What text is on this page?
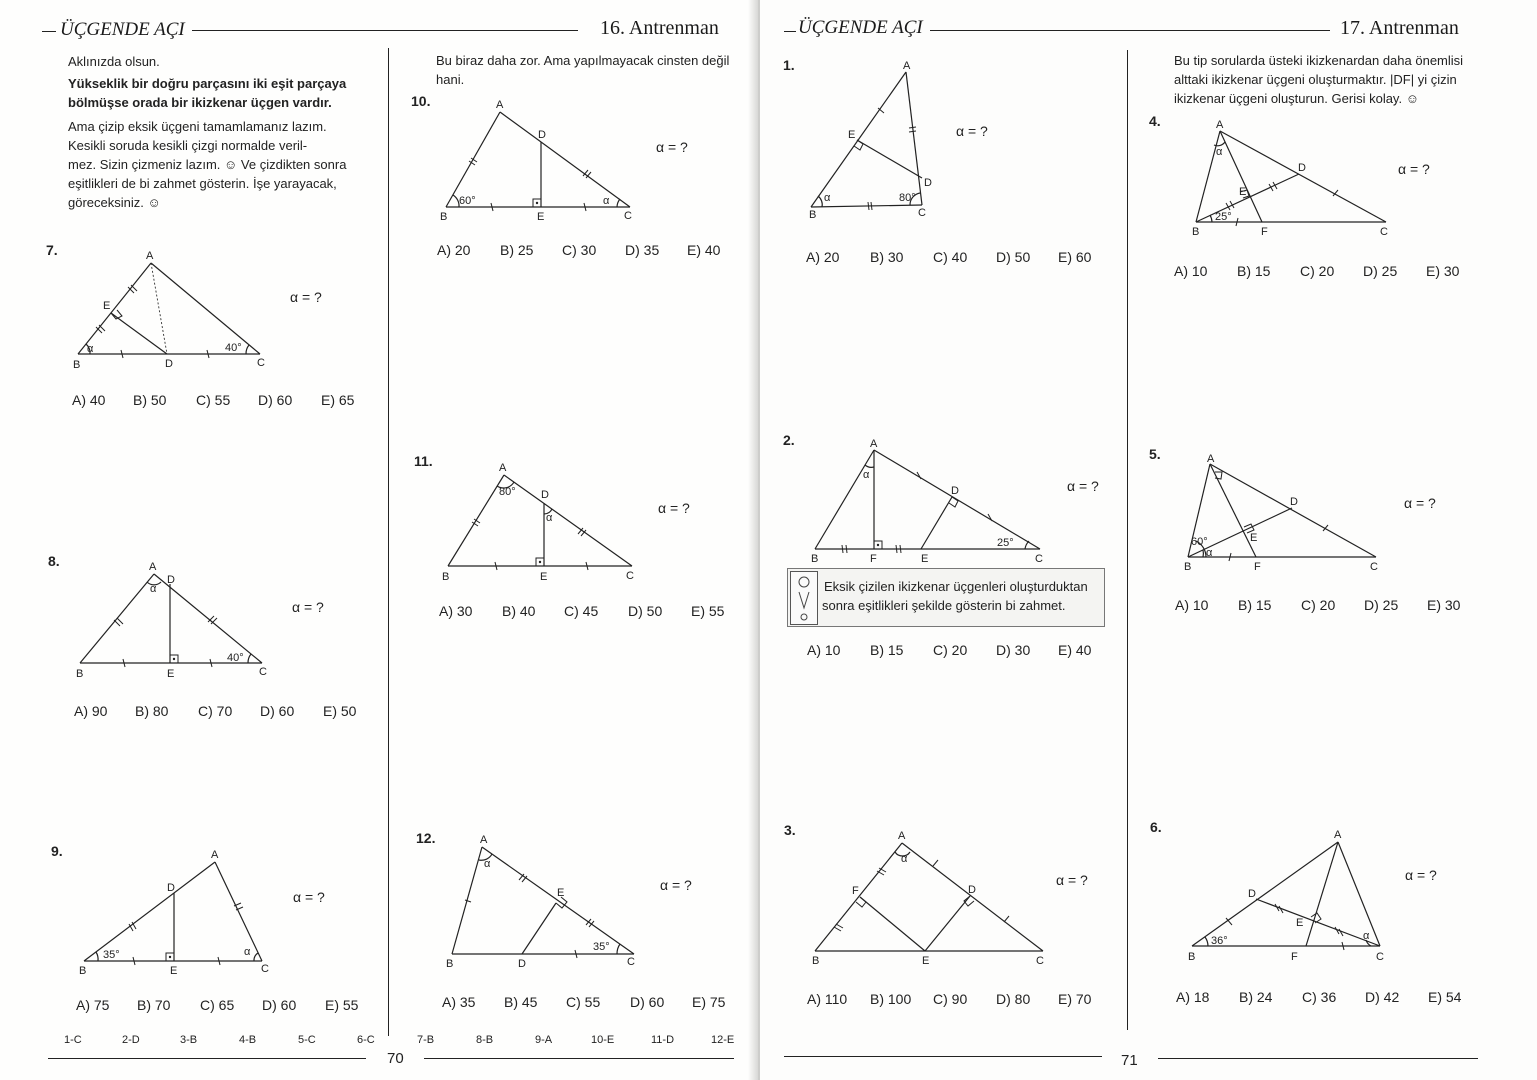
ÜÇGENDE AÇI	16. Antrenman
Aklınızda olsun.
Yükseklik bir doğru parçasını iki eşit parçaya
bölmüşse orada bir ikizkenar üçgen vardır.
Ama çizip eksik üçgeni tamamlamanız lazım.
Kesikli soruda kesikli çizgi normalde veril-
mez. Sizin çizmeniz lazım. ☺ Ve çizdikten sonra
eşitlikleri de bi zahmet gösterin. İşe yarayacak,
göreceksiniz. ☺
7.	A
B	C
D
E
α	40°
α = ?
A) 40	B) 50	C) 55	D) 60	E) 65
8.	A
B	C
D
E
α
40°
α = ?
A) 90	B) 80	C) 70	D) 60	E) 50
9.	A
B	C
D
E
α
35°
α = ?
A) 75	B) 70	C) 65	D) 60	E) 55
Bu biraz daha zor. Ama yapılmayacak cinsten değil
hani.
10.	A
B	C
D
E
α
60°
α = ?
A) 20	B) 25	C) 30	D) 35	E) 40
11.	A
B	C
D
E
α
80°
α = ?
A) 30	B) 40	C) 45	D) 50	E) 55
12.	A
B	C
D
E
α
35°
α = ?
A) 35	B) 45	C) 55	D) 60	E) 75
1-C	2-D	3-B	4-B	5-C	6-C	7-B	8-B	9-A	10-E	11-D	12-E
70
ÜÇGENDE AÇI	17. Antrenman
1.	A
B	C
D
E
α	80°
α = ?
A) 20	B) 30	C) 40	D) 50	E) 60
2.	A
B	C
D
E
F
α
25°
α = ?
Eksik çizilen ikizkenar üçgenleri oluşturduktan
sonra eşitlikleri şekilde gösterin bi zahmet.
A) 10	B) 15	C) 20	D) 30	E) 40
3.	A
B	C
D
E
F
α
α = ?
A) 110	B) 100	C) 90	D) 80	E) 70
Bu tip sorularda üsteki ikizkenardan daha önemlisi
alttaki ikizkenar üçgeni oluşturmaktır. |DF| yi çizin
ikizkenar üçgeni oluşturun. Gerisi kolay. ☺
4.	A
B	C
D
E
F
α
25°
α = ?
A) 10	B) 15	C) 20	D) 25	E) 30
5.	A
B	C
D
E
F
α
60°
α = ?
A) 10	B) 15	C) 20	D) 25	E) 30
6.	A
B	C
D
E
F
α
36°
α = ?
A) 18	B) 24	C) 36	D) 42	E) 54
71
